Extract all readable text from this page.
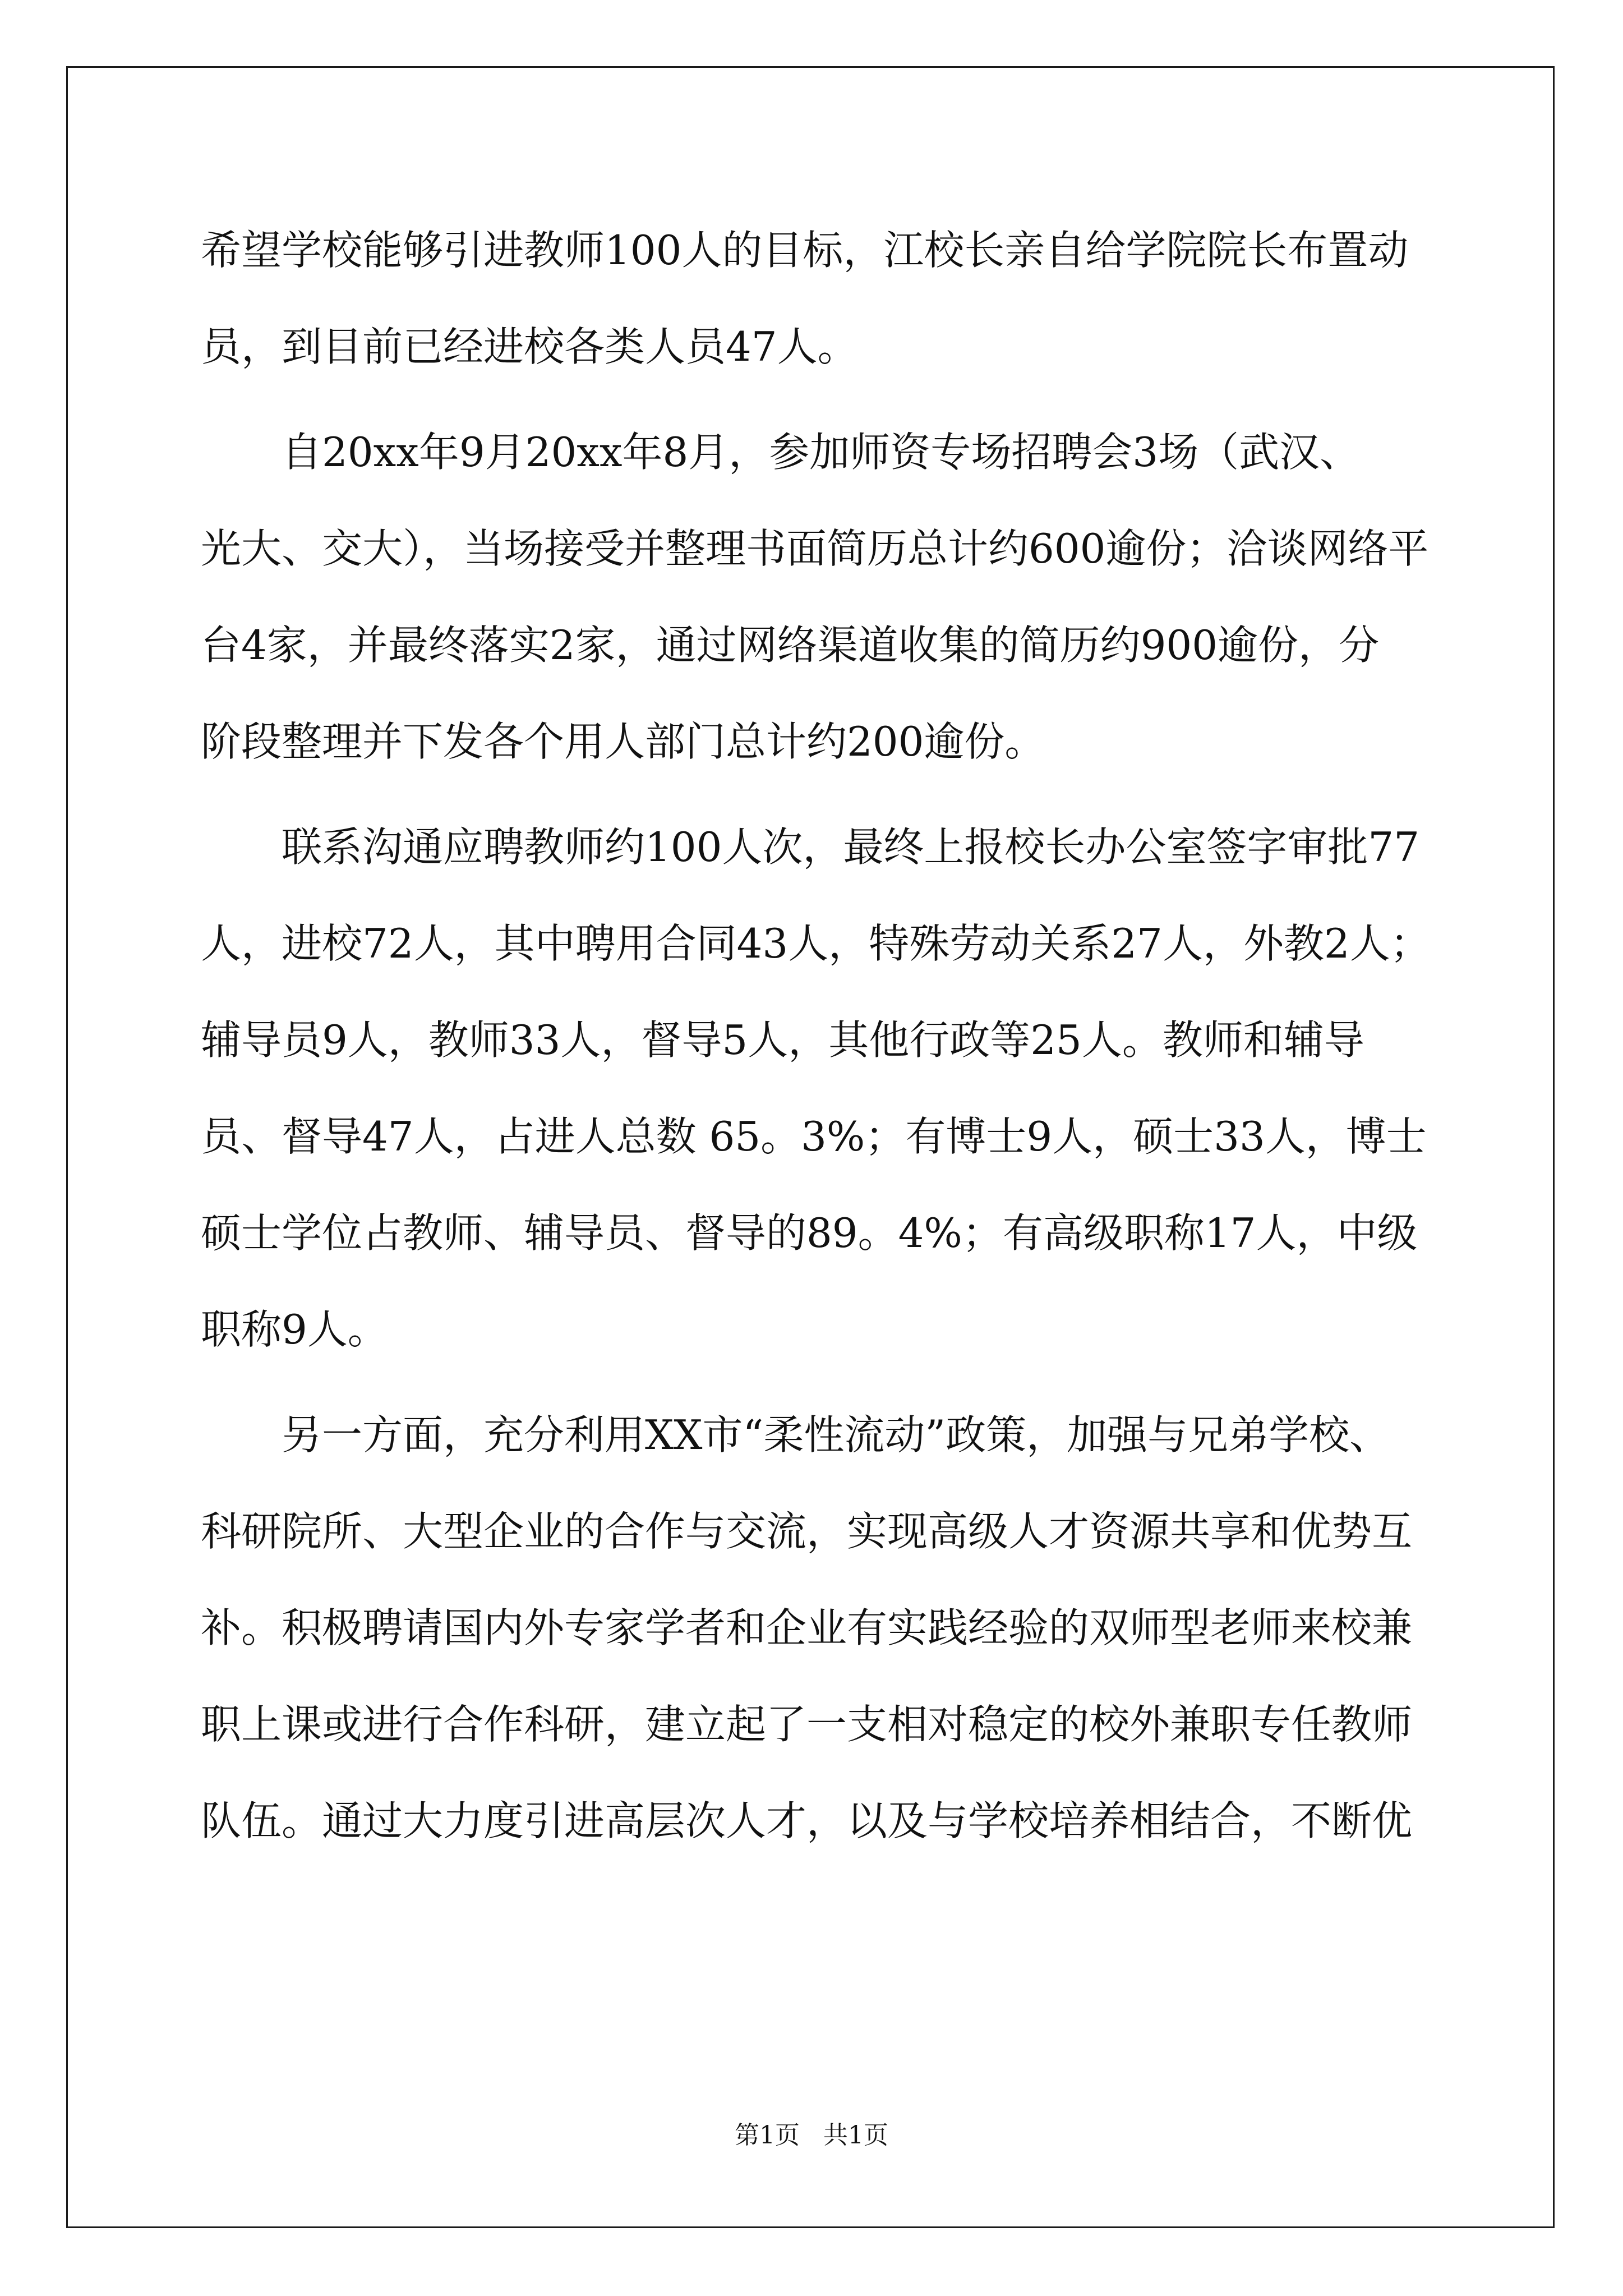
希望学校能够引进教师100人的目标，江校长亲自给学院院长布置动
员，到目前已经进校各类人员47人。
自20xx年9月20xx年8月，参加师资专场招聘会3场（武汉、
光大、交大），当场接受并整理书面简历总计约600逾份；洽谈网络平
台4家，并最终落实2家，通过网络渠道收集的简历约900逾份，分
阶段整理并下发各个用人部门总计约200逾份。
联系沟通应聘教师约100人次，最终上报校长办公室签字审批77
人，进校72人，其中聘用合同43人，特殊劳动关系27人，外教2人；
辅导员9人，教师33人，督导5人，其他行政等25人。教师和辅导
员、督导47人，占进人总数 65。3%；有博士9人，硕士33人，博士
硕士学位占教师、辅导员、督导的89。4%；有高级职称17人，中级
职称9人。
另一方面，充分利用XX市“柔性流动”政策，加强与兄弟学校、
科研院所、大型企业的合作与交流，实现高级人才资源共享和优势互
补。积极聘请国内外专家学者和企业有实践经验的双师型老师来校兼
职上课或进行合作科研，建立起了一支相对稳定的校外兼职专任教师
队伍。通过大力度引进高层次人才，以及与学校培养相结合，不断优
第1页   共1页
